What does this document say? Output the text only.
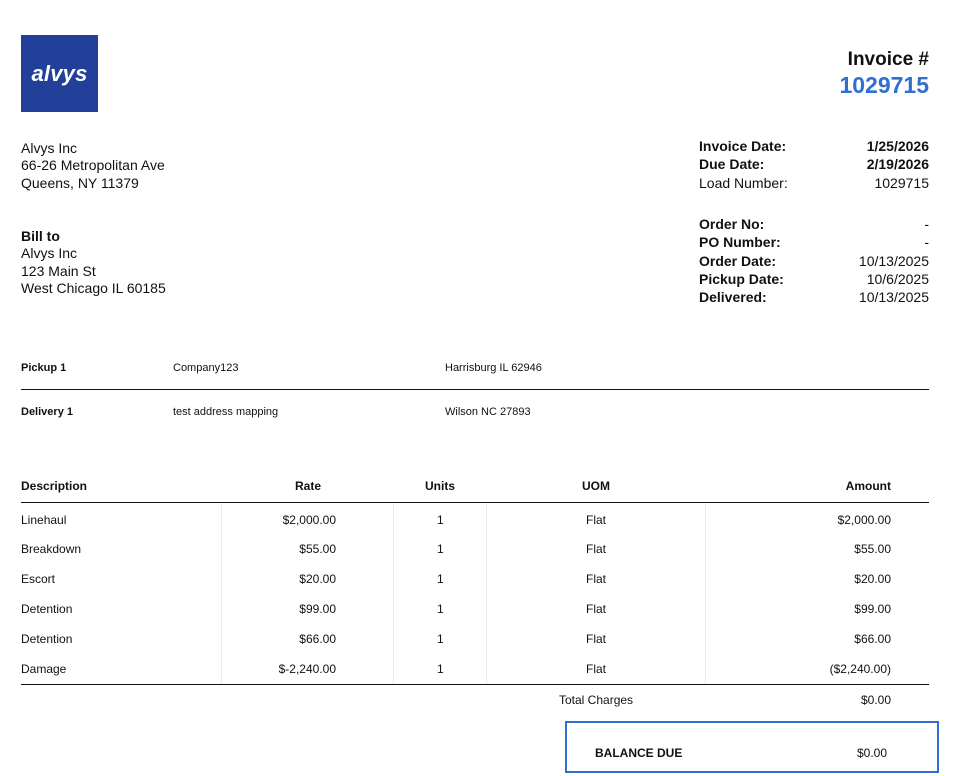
alvys
Invoice #
1029715
Alvys Inc
66-26 Metropolitan Ave
Queens, NY 11379
Bill to
Alvys Inc
123 Main St
West Chicago IL 60185
Invoice Date:	1/25/2026
Due Date:	2/19/2026
Load Number:	1029715
Order No:	-
PO Number:	-
Order Date:	10/13/2025
Pickup Date:	10/6/2025
Delivered:	10/13/2025
Pickup 1	Company123	Harrisburg IL 62946
Delivery 1	test address mapping	Wilson NC 27893
Description	Rate	Units	UOM	Amount
Linehaul	$2,000.00	1	Flat	$2,000.00
Breakdown	$55.00	1	Flat	$55.00
Escort	$20.00	1	Flat	$20.00
Detention	$99.00	1	Flat	$99.00
Detention	$66.00	1	Flat	$66.00
Damage	$-2,240.00	1	Flat	($2,240.00)
Total Charges	$0.00
BALANCE DUE	$0.00
